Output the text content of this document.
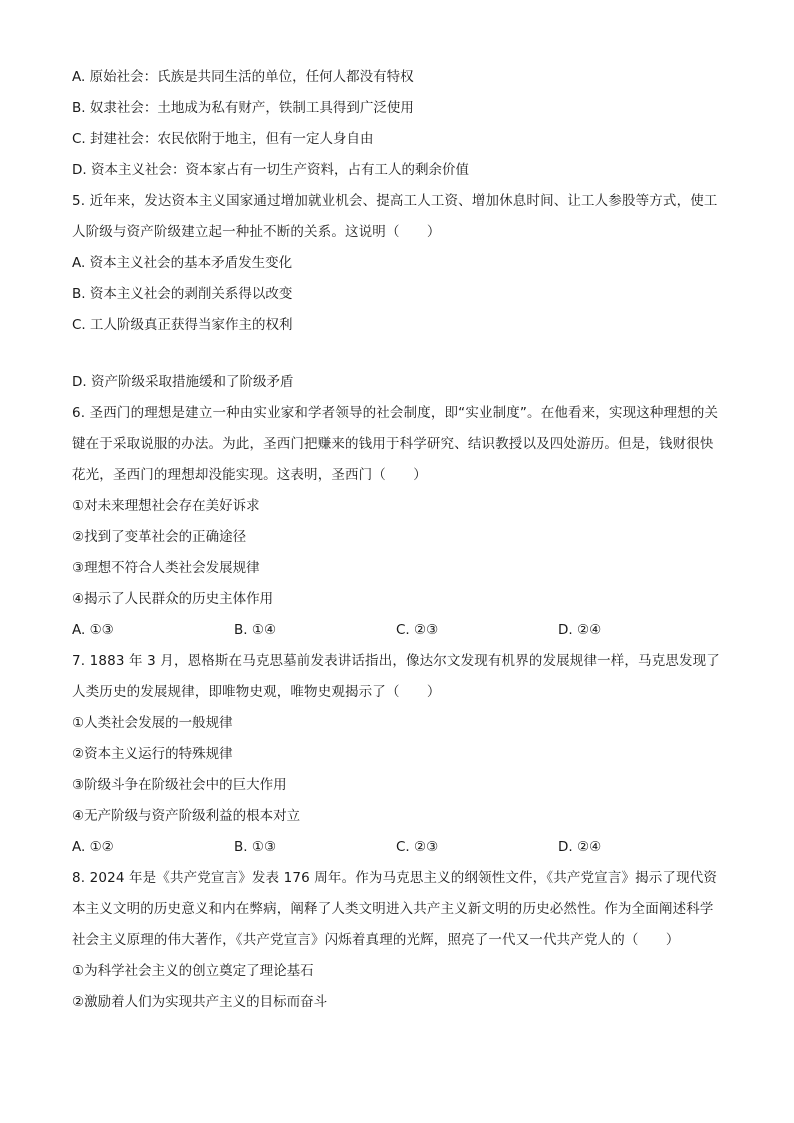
A. 原始社会：氏族是共同生活的单位，任何人都没有特权
B. 奴隶社会：土地成为私有财产，铁制工具得到广泛使用
C. 封建社会：农民依附于地主，但有一定人身自由
D. 资本主义社会：资本家占有一切生产资料，占有工人的剩余价值
5. 近年来，发达资本主义国家通过增加就业机会、提高工人工资、增加休息时间、让工人参股等方式，使工人阶级与资产阶级建立起一种扯不断的关系。这说明（　　）
A. 资本主义社会的基本矛盾发生变化
B. 资本主义社会的剥削关系得以改变
C. 工人阶级真正获得当家作主的权利
D. 资产阶级采取措施缓和了阶级矛盾
6. 圣西门的理想是建立一种由实业家和学者领导的社会制度，即“实业制度”。在他看来，实现这种理想的关键在于采取说服的办法。为此，圣西门把赚来的钱用于科学研究、结识教授以及四处游历。但是，钱财很快花光，圣西门的理想却没能实现。这表明，圣西门（　　）
①对未来理想社会存在美好诉求
②找到了变革社会的正确途径
③理想不符合人类社会发展规律
④揭示了人民群众的历史主体作用
A. ①③	B. ①④	C. ②③	D. ②④
7. 1883 年 3 月，恩格斯在马克思墓前发表讲话指出，像达尔文发现有机界的发展规律一样，马克思发现了人类历史的发展规律，即唯物史观，唯物史观揭示了（　　）
①人类社会发展的一般规律
②资本主义运行的特殊规律
③阶级斗争在阶级社会中的巨大作用
④无产阶级与资产阶级利益的根本对立
A. ①②	B. ①③	C. ②③	D. ②④
8. 2024 年是《共产党宣言》发表 176 周年。作为马克思主义的纲领性文件，《共产党宣言》揭示了现代资本主义文明的历史意义和内在弊病，阐释了人类文明进入共产主义新文明的历史必然性。作为全面阐述科学社会主义原理的伟大著作，《共产党宣言》闪烁着真理的光辉，照亮了一代又一代共产党人的（　　）
①为科学社会主义的创立奠定了理论基石
②激励着人们为实现共产主义的目标而奋斗
